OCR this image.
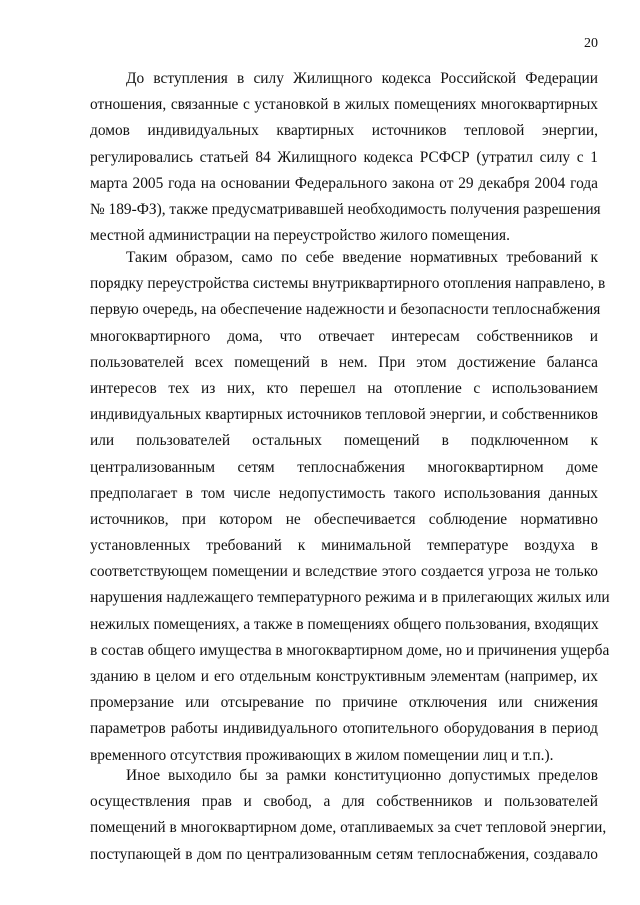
20
До вступления в силу Жилищного кодекса Российской Федерации
отношения, связанные с установкой в жилых помещениях многоквартирных
домов индивидуальных квартирных источников тепловой энергии,
регулировались статьей 84 Жилищного кодекса РСФСР (утратил силу с 1
марта 2005 года на основании Федерального закона от 29 декабря 2004 года
№ 189-ФЗ), также предусматривавшей необходимость получения разрешения
местной администрации на переустройство жилого помещения.
Таким образом, само по себе введение нормативных требований к
порядку переустройства системы внутриквартирного отопления направлено, в
первую очередь, на обеспечение надежности и безопасности теплоснабжения
многоквартирного дома, что отвечает интересам собственников и
пользователей всех помещений в нем. При этом достижение баланса
интересов тех из них, кто перешел на отопление с использованием
индивидуальных квартирных источников тепловой энергии, и собственников
или пользователей остальных помещений в подключенном к
централизованным сетям теплоснабжения многоквартирном доме
предполагает в том числе недопустимость такого использования данных
источников, при котором не обеспечивается соблюдение нормативно
установленных требований к минимальной температуре воздуха в
соответствующем помещении и вследствие этого создается угроза не только
нарушения надлежащего температурного режима и в прилегающих жилых или
нежилых помещениях, а также в помещениях общего пользования, входящих
в состав общего имущества в многоквартирном доме, но и причинения ущерба
зданию в целом и его отдельным конструктивным элементам (например, их
промерзание или отсыревание по причине отключения или снижения
параметров работы индивидуального отопительного оборудования в период
временного отсутствия проживающих в жилом помещении лиц и т.п.).
Иное выходило бы за рамки конституционно допустимых пределов
осуществления прав и свобод, а для собственников и пользователей
помещений в многоквартирном доме, отапливаемых за счет тепловой энергии,
поступающей в дом по централизованным сетям теплоснабжения, создавало
